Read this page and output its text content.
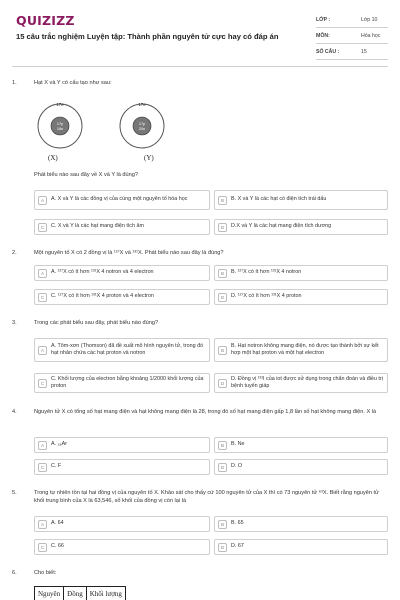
QUIZIZZ
15 câu trắc nghiệm Luyện tập: Thành phần nguyên tử cực hay có đáp án
LỚP :	Lớp 10
MÔN:	Hóa học
SỐ CÂU :	15
1.	Hạt X và Y có cấu tạo như sau:
17e
17p
18n
17e
17p
20n
(X)	(Y)
Phát biểu nào sau đây về X và Y là đúng?
A	A. X và Y là các đồng vị của cùng một nguyên tố hóa học	B	B. X và Y là các hạt có điện tích trái dấu
C	C. X và Y là các hạt mang điện tích âm	D	D.X và Y là các hạt mang điện tích dương
2.	Một nguyên tố X có 2 đồng vị là ¹²⁷X và ¹³¹X. Phát biểu nào sau đây là đúng?
A	A. ¹²⁷X có ít hơn ¹³¹X 4 notron và 4 electron	B	B. ¹²⁷X có ít hơn ¹³¹X 4 notron
C	C. ¹²⁷X có ít hơn ¹³¹X 4 proton và 4 electron	D	D. ¹²⁷X có ít hơn ¹³¹X 4 proton
3.	Trong các phát biểu sau đây, phát biểu nào đúng?
A
A. Tôm-xơn (Thomson) đã đề xuất mô hình nguyên tử, trong đó hạt nhân chứa các hạt proton và notron	B
B. Hạt notron không mang điện, nó được tạo thành bởi sự kết hợp một hạt proton và một hạt electron
C
C. Khối lượng của electron bằng khoảng 1/2000 khối lượng của proton	D
D. Đồng vị ¹³¹I của iot được sử dụng trong chẩn đoán và điều trị bệnh tuyến giáp
4.	Nguyên tử X có tổng số hạt mang điện và hạt không mang điện là 28, trong đó số hạt mang điện gấp 1,8 lần số hạt không mang điện. X là
A	A. ₁₈Ar	B	B. Ne
C	C. F	D	D. O
5.	Trong tự nhiên tồn tại hai đồng vị của nguyên tố X. Khảo sát cho thấy cứ 100 nguyên tử của X thì có 73 nguyên tử ⁶³X. Biết rằng nguyên tử khối trung bình của X là 63,546, số khối của đồng vị còn lại là
A	A. 64	B	B. 65
C	C. 66	D	D. 67
6.	Cho biết:
Nguyên	Đồng	Khối lượng
